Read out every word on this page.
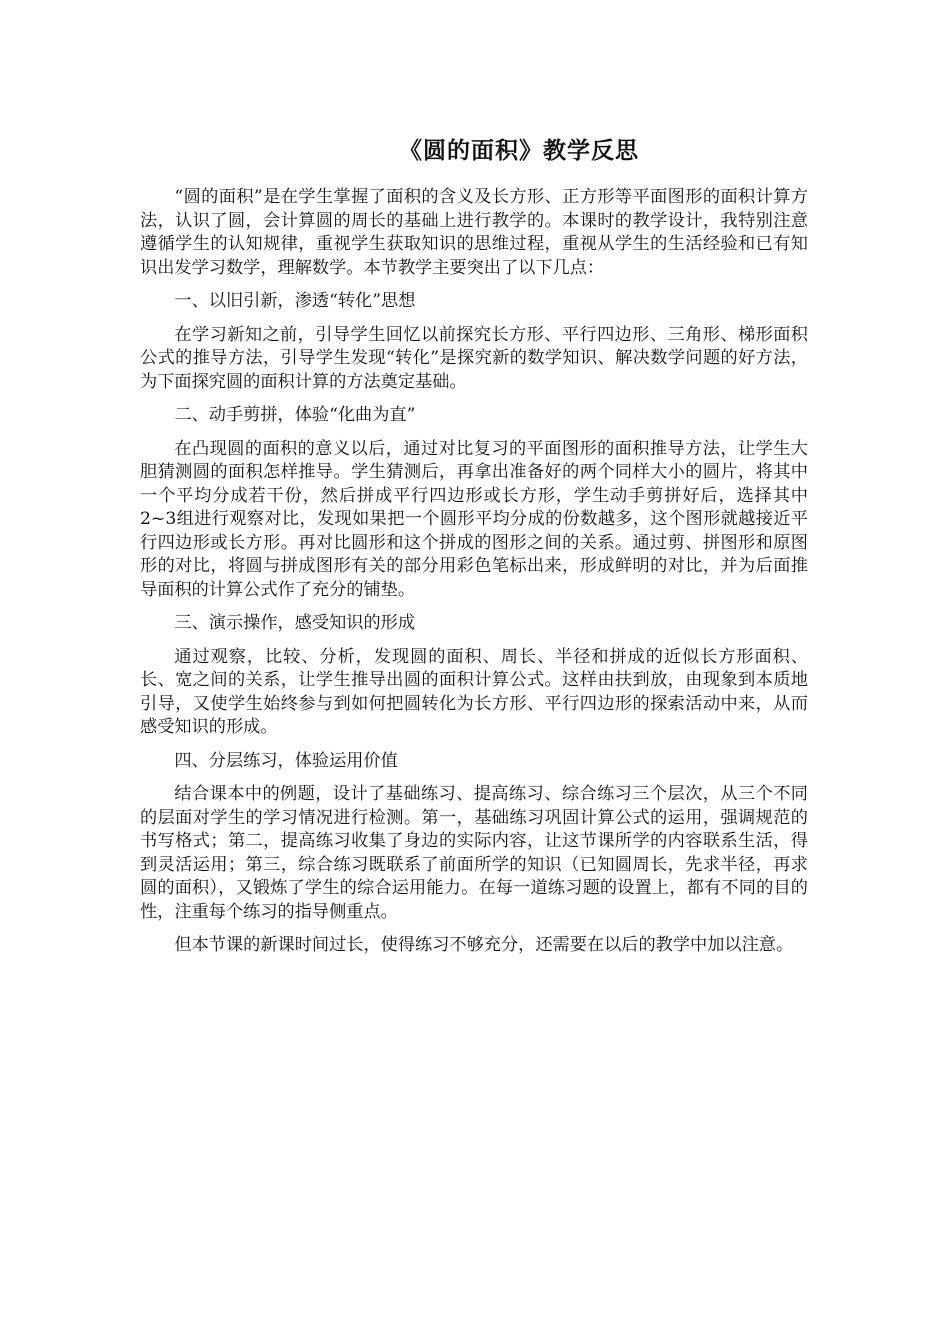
《圆的面积》教学反思

“圆的面积”是在学生掌握了面积的含义及长方形、正方形等平面图形的面积计算方法，认识了圆，会计算圆的周长的基础上进行教学的。本课时的教学设计，我特别注意遵循学生的认知规律，重视学生获取知识的思维过程，重视从学生的生活经验和已有知识出发学习数学，理解数学。本节教学主要突出了以下几点：

一、以旧引新，渗透“转化”思想

在学习新知之前，引导学生回忆以前探究长方形、平行四边形、三角形、梯形面积公式的推导方法，引导学生发现“转化”是探究新的数学知识、解决数学问题的好方法，为下面探究圆的面积计算的方法奠定基础。

二、动手剪拼，体验“化曲为直”

在凸现圆的面积的意义以后，通过对比复习的平面图形的面积推导方法，让学生大胆猜测圆的面积怎样推导。学生猜测后，再拿出准备好的两个同样大小的圆片，将其中一个平均分成若干份，然后拼成平行四边形或长方形，学生动手剪拼好后，选择其中2~3组进行观察对比，发现如果把一个圆形平均分成的份数越多，这个图形就越接近平行四边形或长方形。再对比圆形和这个拼成的图形之间的关系。通过剪、拼图形和原图形的对比，将圆与拼成图形有关的部分用彩色笔标出来，形成鲜明的对比，并为后面推导面积的计算公式作了充分的铺垫。

三、演示操作，感受知识的形成

通过观察，比较、分析，发现圆的面积、周长、半径和拼成的近似长方形面积、长、宽之间的关系，让学生推导出圆的面积计算公式。这样由扶到放，由现象到本质地引导，又使学生始终参与到如何把圆转化为长方形、平行四边形的探索活动中来，从而感受知识的形成。

四、分层练习，体验运用价值

结合课本中的例题，设计了基础练习、提高练习、综合练习三个层次，从三个不同的层面对学生的学习情况进行检测。第一，基础练习巩固计算公式的运用，强调规范的书写格式；第二，提高练习收集了身边的实际内容，让这节课所学的内容联系生活，得到灵活运用；第三，综合练习既联系了前面所学的知识（已知圆周长，先求半径，再求圆的面积），又锻炼了学生的综合运用能力。在每一道练习题的设置上，都有不同的目的性，注重每个练习的指导侧重点。

但本节课的新课时间过长，使得练习不够充分，还需要在以后的教学中加以注意。
